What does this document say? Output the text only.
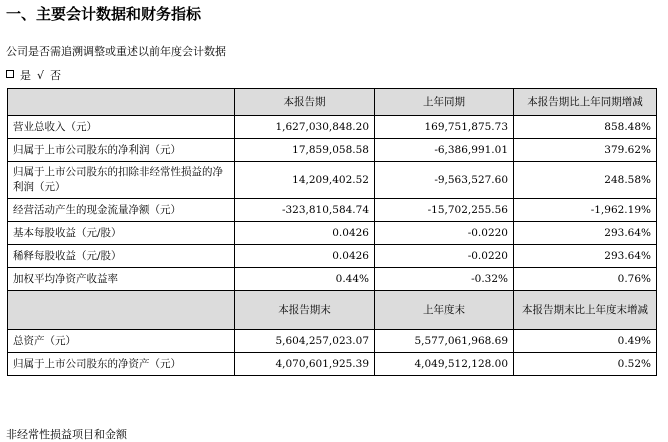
一、主要会计数据和财务指标
公司是否需追溯调整或重述以前年度会计数据
是 √ 否
	本报告期	上年同期	本报告期比上年同期增减
营业总收入（元）	1,627,030,848.20	169,751,875.73	858.48%
归属于上市公司股东的净利润（元）	17,859,058.58	-6,386,991.01	379.62%
归属于上市公司股东的扣除非经常性损益的净利润（元）	14,209,402.52	-9,563,527.60	248.58%
经营活动产生的现金流量净额（元）	-323,810,584.74	-15,702,255.56	-1,962.19%
基本每股收益（元/股）	0.0426	-0.0220	293.64%
稀释每股收益（元/股）	0.0426	-0.0220	293.64%
加权平均净资产收益率	0.44%	-0.32%	0.76%
	本报告期末	上年度末	本报告期末比上年度末增减
总资产（元）	5,604,257,023.07	5,577,061,968.69	0.49%
归属于上市公司股东的净资产（元）	4,070,601,925.39	4,049,512,128.00	0.52%
非经常性损益项目和金额
